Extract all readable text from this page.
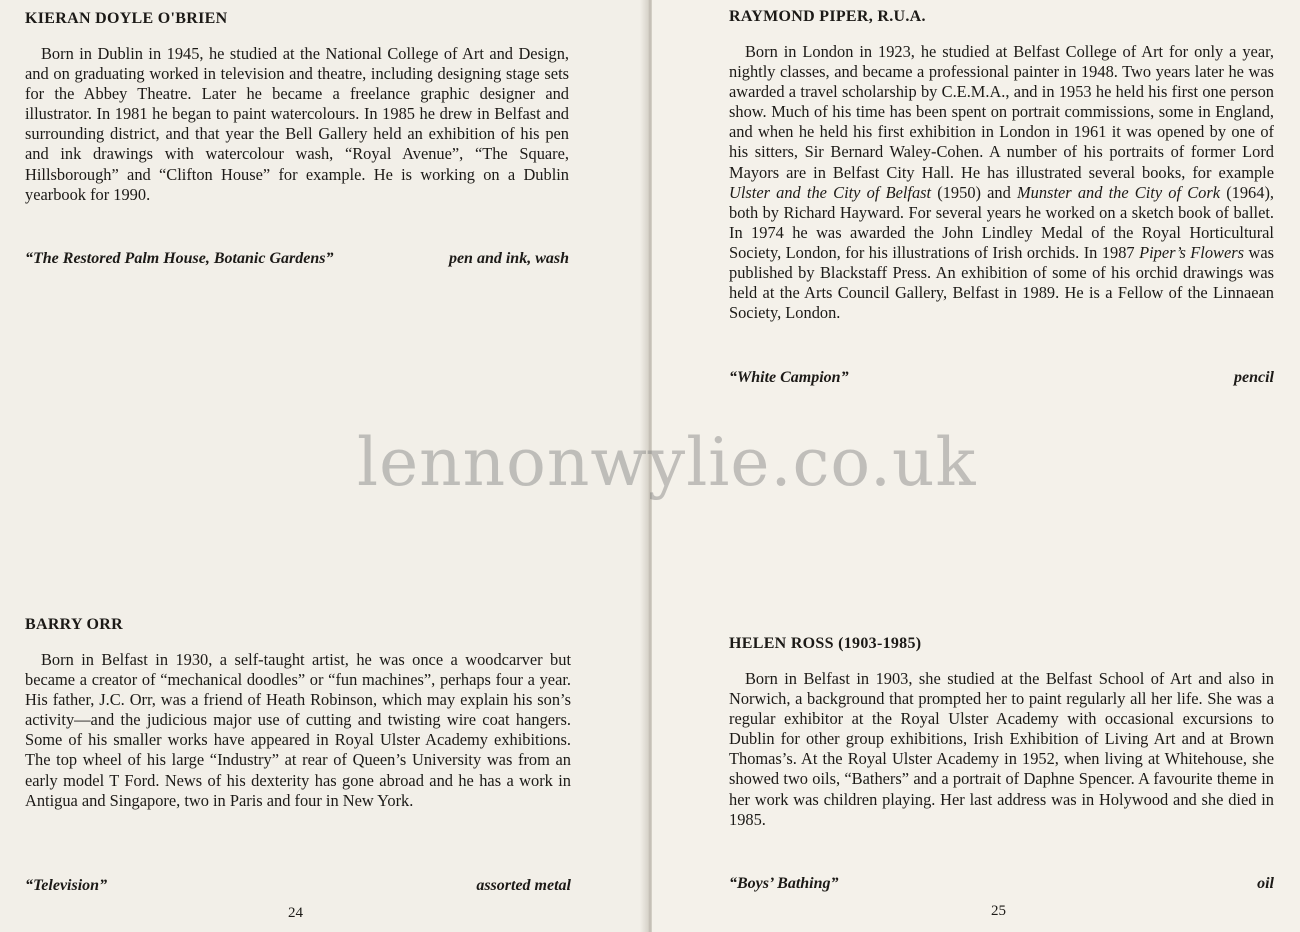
KIERAN DOYLE O'BRIEN

Born in Dublin in 1945, he studied at the National College of Art and Design, and on graduating worked in television and theatre, including designing stage sets for the Abbey Theatre. Later he became a freelance graphic designer and illustrator. In 1981 he began to paint watercolours. In 1985 he drew in Belfast and surrounding district, and that year the Bell Gallery held an exhibition of his pen and ink drawings with watercolour wash, “Royal Avenue”, “The Square, Hillsborough” and “Clifton House” for example. He is working on a Dublin yearbook for 1990.

“The Restored Palm House, Botanic Gardens”	pen and ink, wash
BARRY ORR

Born in Belfast in 1930, a self-taught artist, he was once a woodcarver but became a creator of “mechanical doodles” or “fun machines”, perhaps four a year. His father, J.C. Orr, was a friend of Heath Robinson, which may explain his son’s activity—and the judicious major use of cutting and twisting wire coat hangers. Some of his smaller works have appeared in Royal Ulster Academy exhibitions. The top wheel of his large “Industry” at rear of Queen’s University was from an early model T Ford. News of his dexterity has gone abroad and he has a work in Antigua and Singapore, two in Paris and four in New York.

“Television”	assorted metal
24
RAYMOND PIPER, R.U.A.

Born in London in 1923, he studied at Belfast College of Art for only a year, nightly classes, and became a professional painter in 1948. Two years later he was awarded a travel scholarship by C.E.M.A., and in 1953 he held his first one person show. Much of his time has been spent on portrait commissions, some in England, and when he held his first exhibition in London in 1961 it was opened by one of his sitters, Sir Bernard Waley-Cohen. A number of his portraits of former Lord Mayors are in Belfast City Hall. He has illustrated several books, for example Ulster and the City of Belfast (1950) and Munster and the City of Cork (1964), both by Richard Hayward. For several years he worked on a sketch book of ballet. In 1974 he was awarded the John Lindley Medal of the Royal Horticultural Society, London, for his illustrations of Irish orchids. In 1987 Piper’s Flowers was published by Blackstaff Press. An exhibition of some of his orchid drawings was held at the Arts Council Gallery, Belfast in 1989. He is a Fellow of the Linnaean Society, London.

“White Campion”	pencil
HELEN ROSS (1903-1985)

Born in Belfast in 1903, she studied at the Belfast School of Art and also in Norwich, a background that prompted her to paint regularly all her life. She was a regular exhibitor at the Royal Ulster Academy with occasional excursions to Dublin for other group exhibitions, Irish Exhibition of Living Art and at Brown Thomas’s. At the Royal Ulster Academy in 1952, when living at Whitehouse, she showed two oils, “Bathers” and a portrait of Daphne Spencer. A favourite theme in her work was children playing. Her last address was in Holywood and she died in 1985.

“Boys’ Bathing”	oil
25
lennonwylie.co.uk
